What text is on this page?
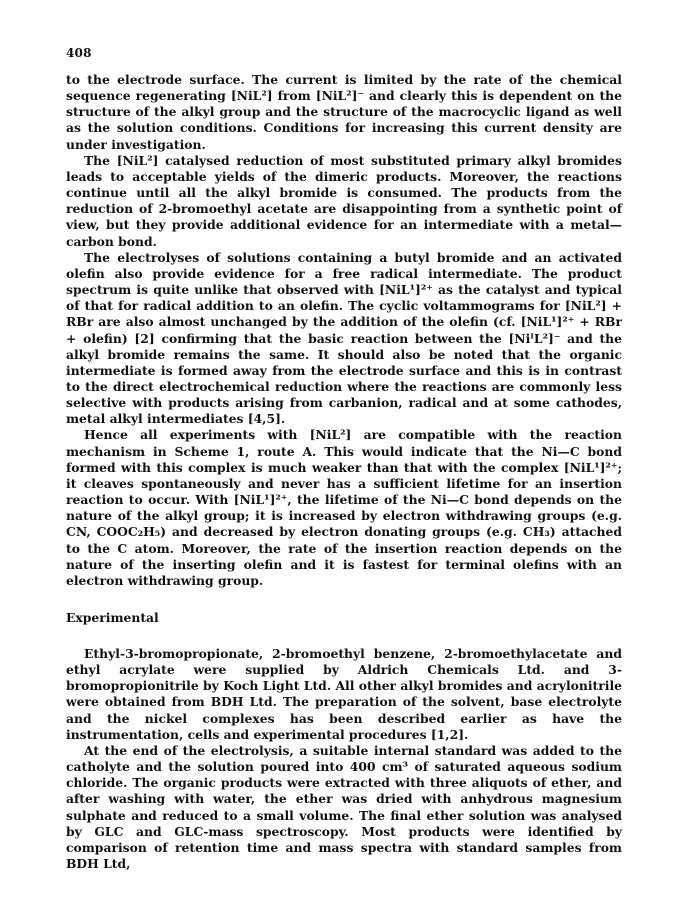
408

to the electrode surface. The current is limited by the rate of the chemical sequence regenerating [NiL²] from [NiL²]⁻ and clearly this is dependent on the structure of the alkyl group and the structure of the macrocyclic ligand as well as the solution conditions. Conditions for increasing this current density are under investigation.

The [NiL²] catalysed reduction of most substituted primary alkyl bromides leads to acceptable yields of the dimeric products. Moreover, the reactions continue until all the alkyl bromide is consumed. The products from the reduction of 2-bromoethyl acetate are disappointing from a synthetic point of view, but they provide additional evidence for an intermediate with a metal—carbon bond.

The electrolyses of solutions containing a butyl bromide and an activated olefin also provide evidence for a free radical intermediate. The product spectrum is quite unlike that observed with [NiL¹]²⁺ as the catalyst and typical of that for radical addition to an olefin. The cyclic voltammograms for [NiL²] + RBr are also almost unchanged by the addition of the olefin (cf. [NiL¹]²⁺ + RBr + olefin) [2] confirming that the basic reaction between the [NiᴵL²]⁻ and the alkyl bromide remains the same. It should also be noted that the organic intermediate is formed away from the electrode surface and this is in contrast to the direct electrochemical reduction where the reactions are commonly less selective with products arising from carbanion, radical and at some cathodes, metal alkyl intermediates [4,5].

Hence all experiments with [NiL²] are compatible with the reaction mechanism in Scheme 1, route A. This would indicate that the Ni—C bond formed with this complex is much weaker than that with the complex [NiL¹]²⁺; it cleaves spontaneously and never has a sufficient lifetime for an insertion reaction to occur. With [NiL¹]²⁺, the lifetime of the Ni—C bond depends on the nature of the alkyl group; it is increased by electron withdrawing groups (e.g. CN, COOC₂H₅) and decreased by electron donating groups (e.g. CH₃) attached to the C atom. Moreover, the rate of the insertion reaction depends on the nature of the inserting olefin and it is fastest for terminal olefins with an electron withdrawing group.

Experimental

Ethyl-3-bromopropionate, 2-bromoethyl benzene, 2-bromoethylacetate and ethyl acrylate were supplied by Aldrich Chemicals Ltd. and 3-bromopropionitrile by Koch Light Ltd. All other alkyl bromides and acrylonitrile were obtained from BDH Ltd. The preparation of the solvent, base electrolyte and the nickel complexes has been described earlier as have the instrumentation, cells and experimental procedures [1,2].

At the end of the electrolysis, a suitable internal standard was added to the catholyte and the solution poured into 400 cm³ of saturated aqueous sodium chloride. The organic products were extracted with three aliquots of ether, and after washing with water, the ether was dried with anhydrous magnesium sulphate and reduced to a small volume. The final ether solution was analysed by GLC and GLC-mass spectroscopy. Most products were identified by comparison of retention time and mass spectra with standard samples from BDH Ltd,
